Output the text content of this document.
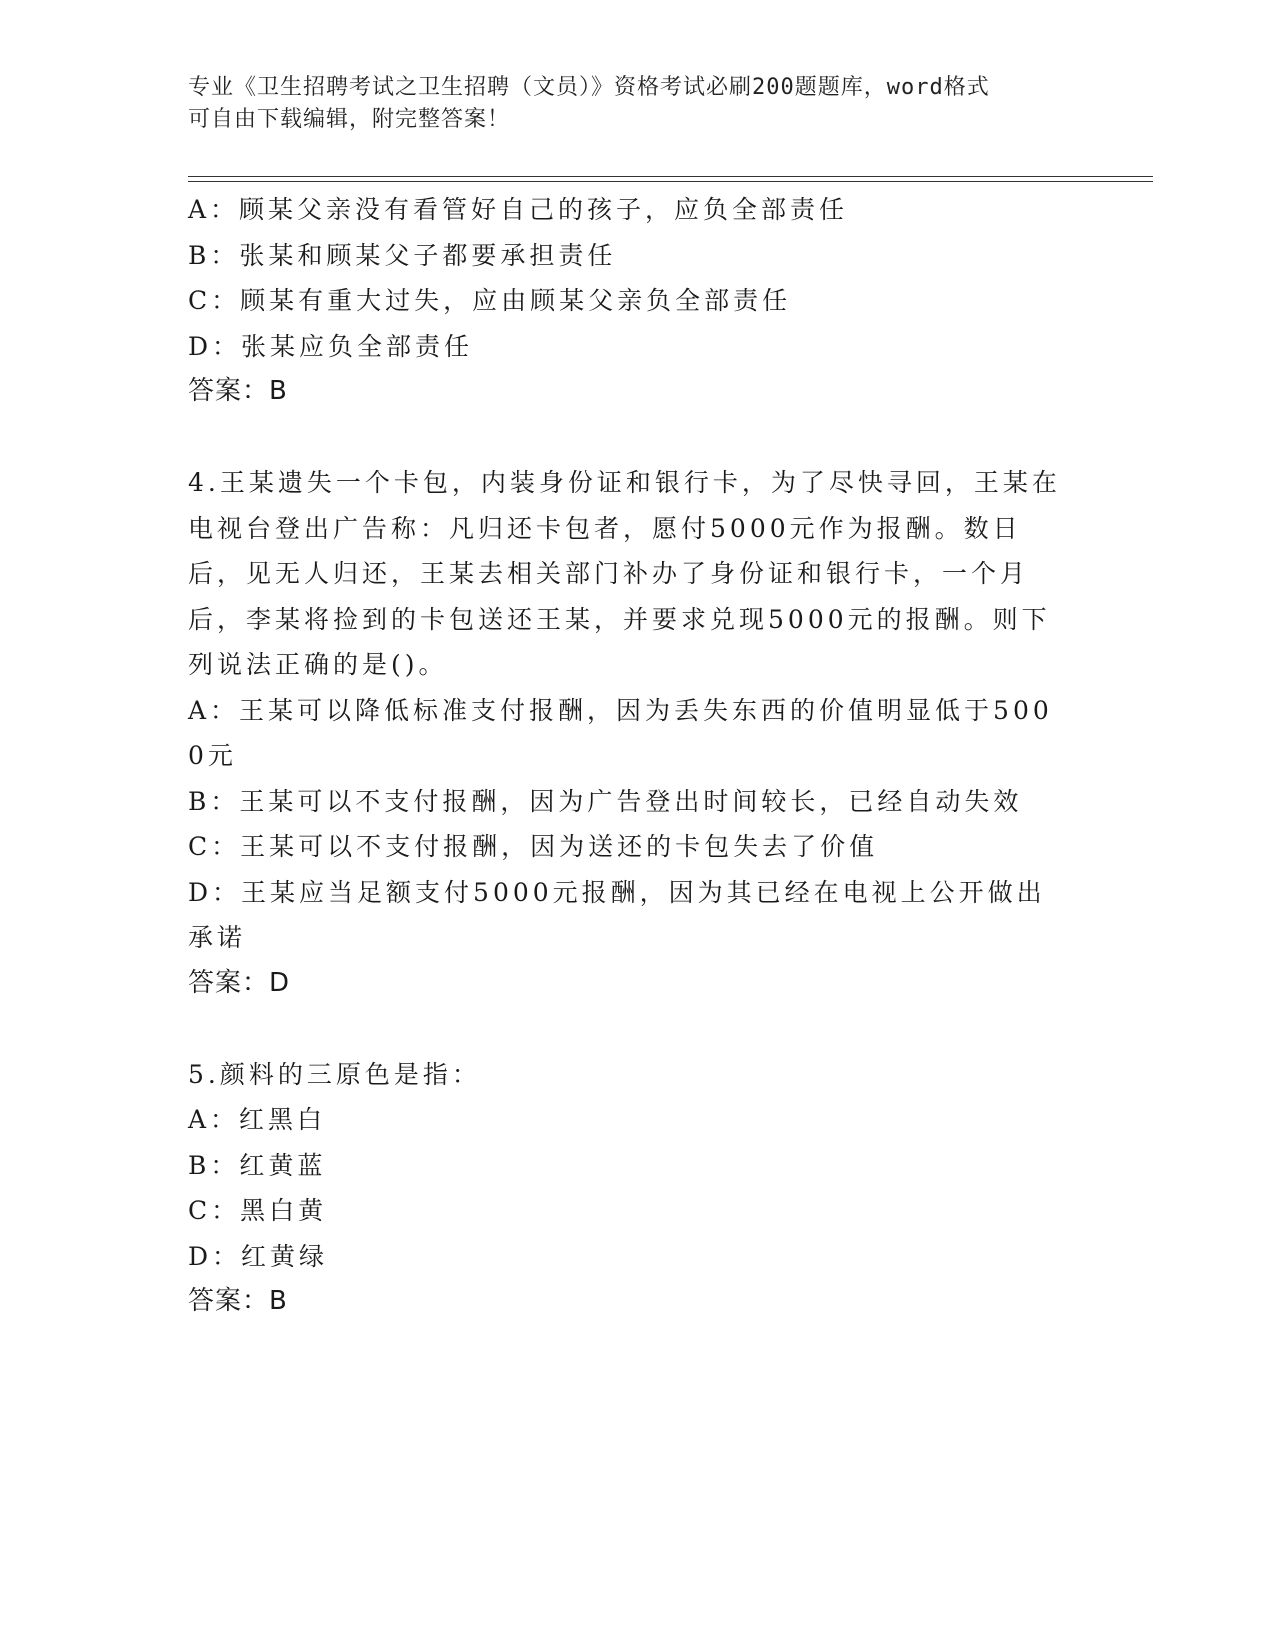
专业《卫生招聘考试之卫生招聘（文员）》资格考试必刷200题题库，word格式

可自由下载编辑，附完整答案！

A：顾某父亲没有看管好自己的孩子，应负全部责任

B：张某和顾某父子都要承担责任

C：顾某有重大过失，应由顾某父亲负全部责任

D：张某应负全部责任

答案：B

4.王某遗失一个卡包，内装身份证和银行卡，为了尽快寻回，王某在电视台登出广告称：凡归还卡包者，愿付5000元作为报酬。数日后，见无人归还，王某去相关部门补办了身份证和银行卡，一个月后，李某将捡到的卡包送还王某，并要求兑现5000元的报酬。则下列说法正确的是()。

A：王某可以降低标准支付报酬，因为丢失东西的价值明显低于5000元

B：王某可以不支付报酬，因为广告登出时间较长，已经自动失效

C：王某可以不支付报酬，因为送还的卡包失去了价值

D：王某应当足额支付5000元报酬，因为其已经在电视上公开做出承诺

答案：D

5.颜料的三原色是指：

A：红黑白

B：红黄蓝

C：黑白黄

D：红黄绿

答案：B
